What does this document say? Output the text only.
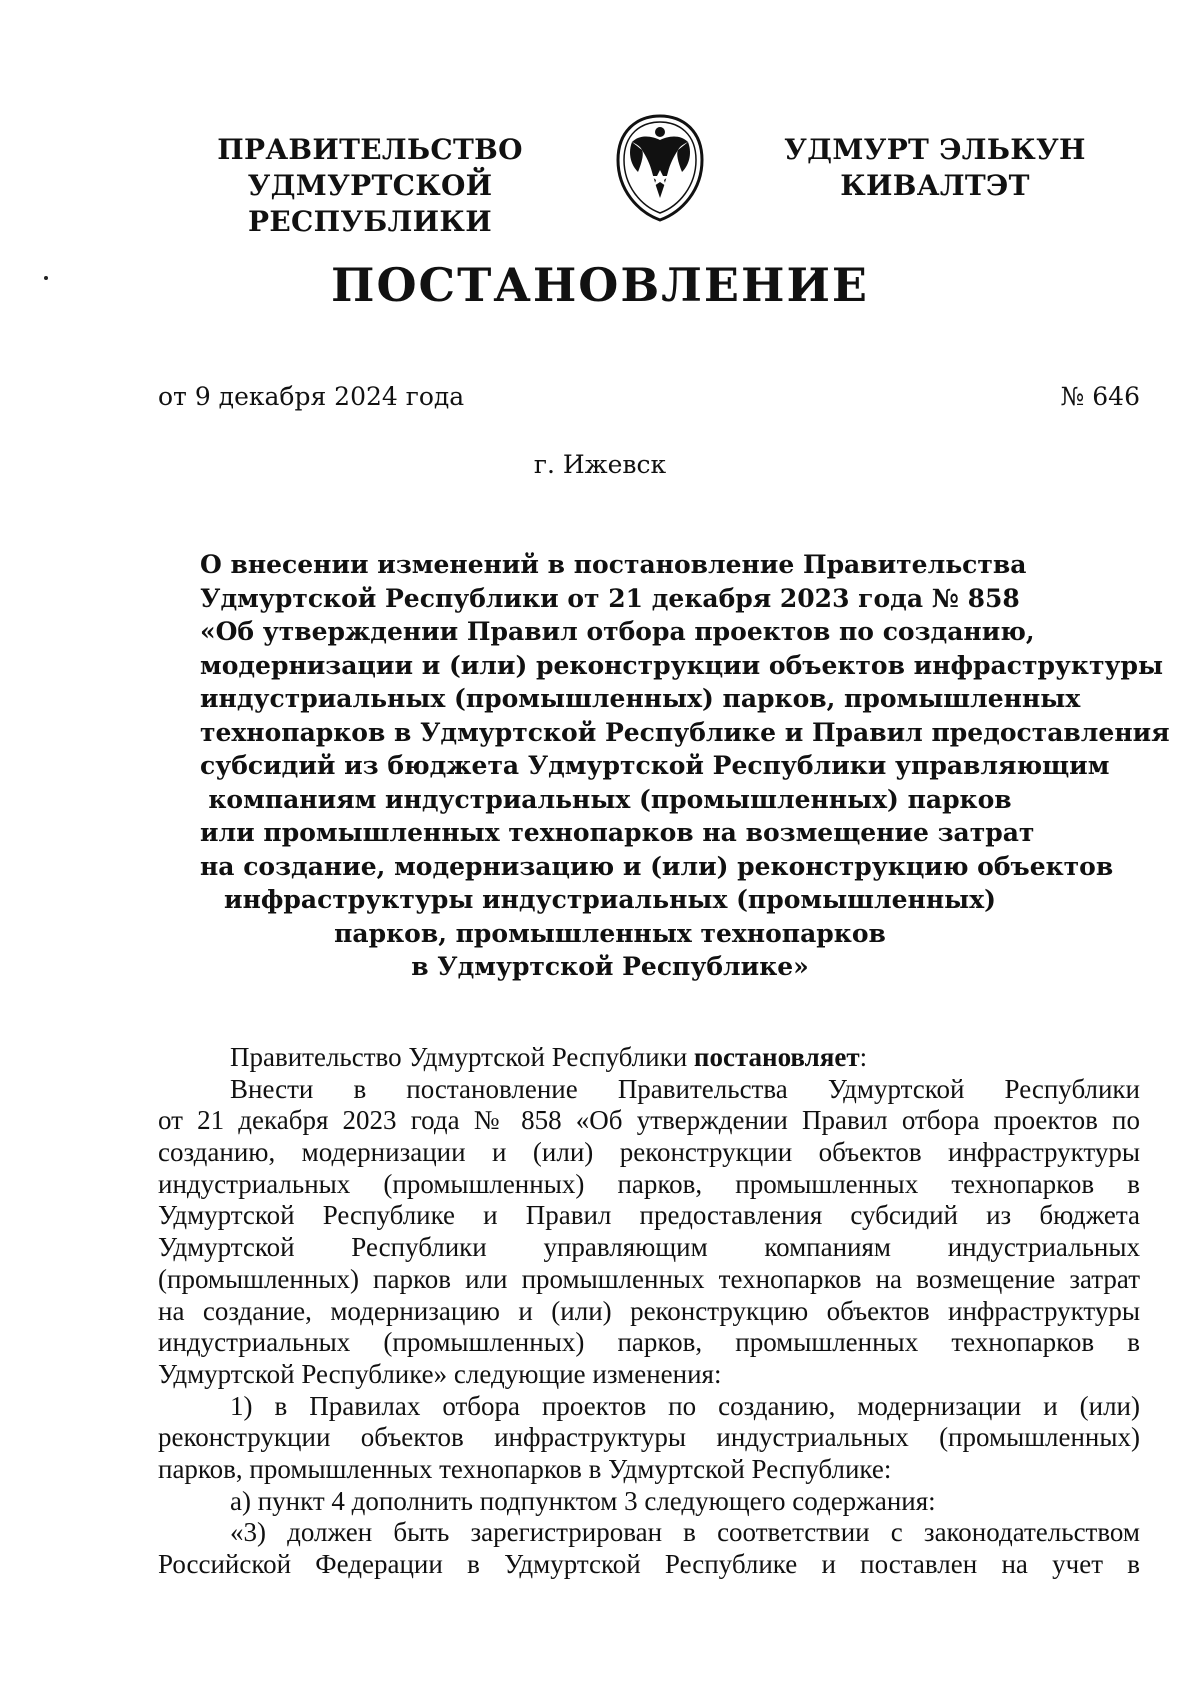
ПРАВИТЕЛЬСТВО
УДМУРТСКОЙ РЕСПУБЛИКИ
УДМУРТ ЭЛЬКУН
КИВАЛТЭТ
ПОСТАНОВЛЕНИЕ
от 9 декабря 2024 года	№ 646
г. Ижевск
О внесении изменений в постановление Правительства
Удмуртской Республики от 21 декабря 2023 года № 858
«Об утверждении Правил отбора проектов по созданию,
модернизации и (или) реконструкции объектов инфраструктуры
индустриальных (промышленных) парков, промышленных
технопарков в Удмуртской Республике и Правил предоставления
субсидий из бюджета Удмуртской Республики управляющим
компаниям индустриальных (промышленных) парков
или промышленных технопарков на возмещение затрат
на создание, модернизацию и (или) реконструкцию объектов
инфраструктуры индустриальных (промышленных)
парков, промышленных технопарков
в Удмуртской Республике»
Правительство Удмуртской Республики постановляет:
Внести в постановление Правительства Удмуртской Республики
от 21 декабря 2023 года № 858 «Об утверждении Правил отбора проектов по
созданию, модернизации и (или) реконструкции объектов инфраструктуры
индустриальных (промышленных) парков, промышленных технопарков в
Удмуртской Республике и Правил предоставления субсидий из бюджета
Удмуртской Республики управляющим компаниям индустриальных
(промышленных) парков или промышленных технопарков на возмещение затрат
на создание, модернизацию и (или) реконструкцию объектов инфраструктуры
индустриальных (промышленных) парков, промышленных технопарков в
Удмуртской Республике» следующие изменения:
1) в Правилах отбора проектов по созданию, модернизации и (или)
реконструкции объектов инфраструктуры индустриальных (промышленных)
парков, промышленных технопарков в Удмуртской Республике:
а) пункт 4 дополнить подпунктом 3 следующего содержания:
«3) должен быть зарегистрирован в соответствии с законодательством
Российской Федерации в Удмуртской Республике и поставлен на учет в
